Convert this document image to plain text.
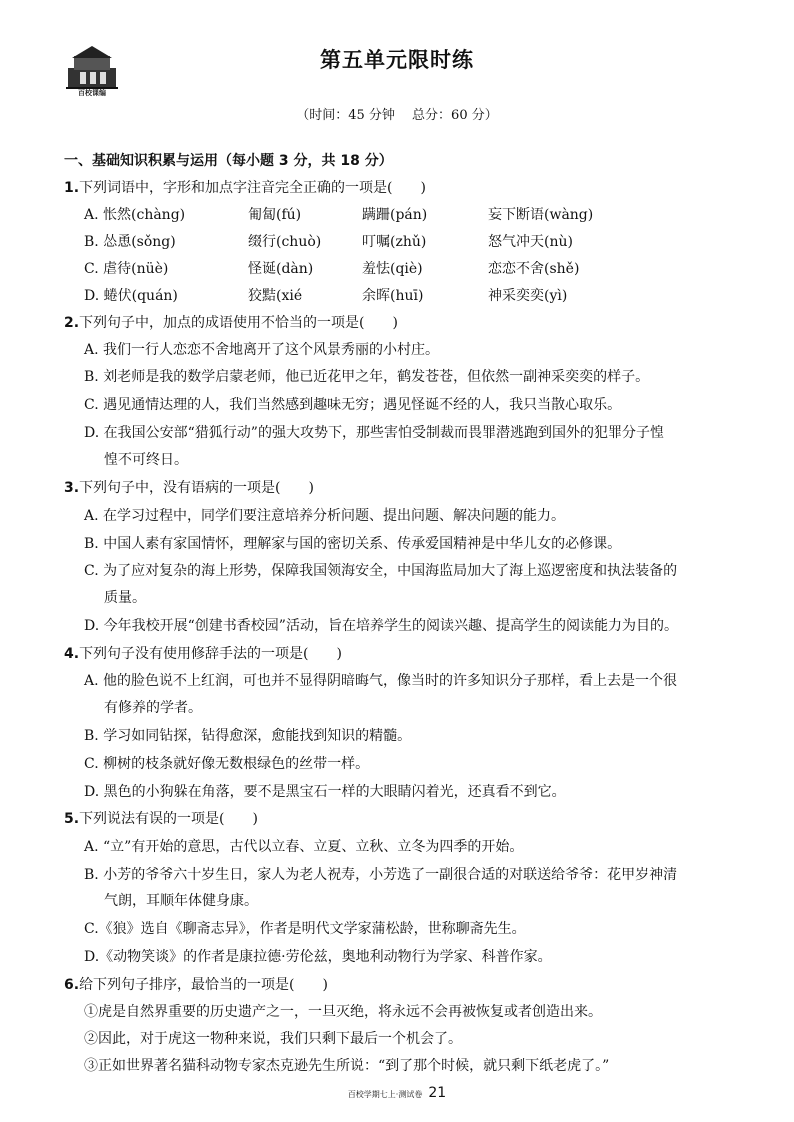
百校课编
第五单元限时练
（时间：45 分钟　 总分：60 分）
一、基础知识积累与运用（每小题 3 分，共 18 分）
1.下列词语中，字形和加点字注音完全正确的一项是(　　)
A. 怅然(chàng)	匍匐(fú)	蹒跚(pán)	妄下断语(wàng)
B. 怂恿(sǒng)	缀行(chuò)	叮嘱(zhǔ)	怒气冲天(nù)
C. 虐待(nüè)	怪诞(dàn)	羞怯(qiè)	恋恋不舍(shě)
D. 蜷伏(quán)	狡黠(xié	余晖(huī)	神采奕奕(yì)
2.下列句子中，加点的成语使用不恰当的一项是(　　)
A. 我们一行人恋恋不舍地离开了这个风景秀丽的小村庄。
B. 刘老师是我的数学启蒙老师，他已近花甲之年，鹤发苍苍，但依然一副神采奕奕的样子。
C. 遇见通情达理的人，我们当然感到趣味无穷；遇见怪诞不经的人，我只当散心取乐。
D. 在我国公安部“猎狐行动”的强大攻势下，那些害怕受制裁而畏罪潜逃跑到国外的犯罪分子惶
惶不可终日。
3.下列句子中，没有语病的一项是(　　)
A. 在学习过程中，同学们要注意培养分析问题、提出问题、解决问题的能力。
B. 中国人素有家国情怀，理解家与国的密切关系、传承爱国精神是中华儿女的必修课。
C. 为了应对复杂的海上形势，保障我国领海安全，中国海监局加大了海上巡逻密度和执法装备的
质量。
D. 今年我校开展“创建书香校园”活动，旨在培养学生的阅读兴趣、提高学生的阅读能力为目的。
4.下列句子没有使用修辞手法的一项是(　　)
A. 他的脸色说不上红润，可也并不显得阴暗晦气，像当时的许多知识分子那样，看上去是一个很
有修养的学者。
B. 学习如同钻探，钻得愈深，愈能找到知识的精髓。
C. 柳树的枝条就好像无数根绿色的丝带一样。
D. 黑色的小狗躲在角落，要不是黑宝石一样的大眼睛闪着光，还真看不到它。
5.下列说法有误的一项是(　　)
A. “立”有开始的意思，古代以立春、立夏、立秋、立冬为四季的开始。
B. 小芳的爷爷六十岁生日，家人为老人祝寿，小芳选了一副很合适的对联送给爷爷：花甲岁神清
气朗，耳顺年体健身康。
C.《狼》选自《聊斋志异》，作者是明代文学家蒲松龄，世称聊斋先生。
D.《动物笑谈》的作者是康拉德·劳伦兹，奥地利动物行为学家、科普作家。
6.给下列句子排序，最恰当的一项是(　　)
①虎是自然界重要的历史遗产之一，一旦灭绝，将永远不会再被恢复或者创造出来。
②因此，对于虎这一物种来说，我们只剩下最后一个机会了。
③正如世界著名猫科动物专家杰克逊先生所说：“到了那个时候，就只剩下纸老虎了。”
百校学期七上·测试卷 21
